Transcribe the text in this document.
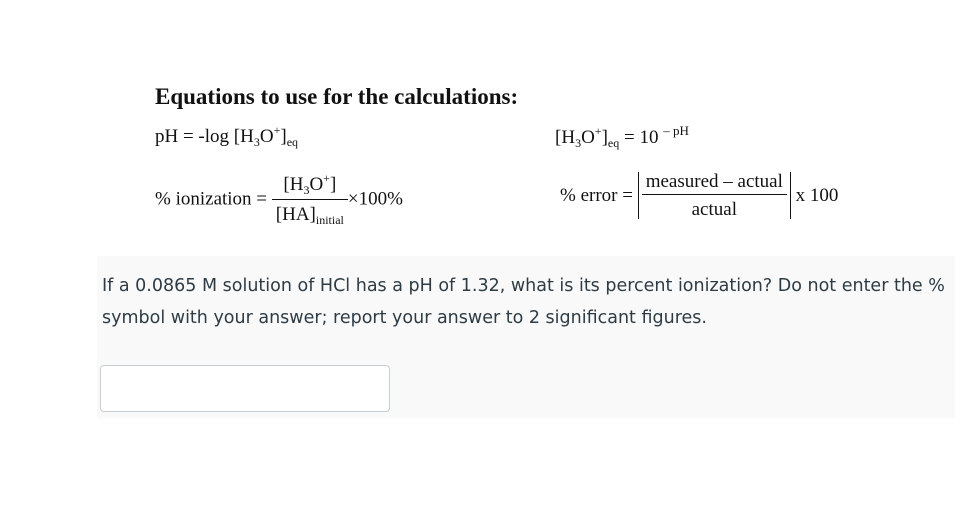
Equations to use for the calculations:
pH = -log $[H_3O^+]_{eq}$	$[H_3O^+]_{eq} = 10$ $^{- pH}$
% ionization = $\frac{[H_3O^+]}{[HA]_{initial}} \times 100\%$	% error = $\frac{\text{measured – actual}}{\text{actual}}$ x 100

If a 0.0865 M solution of HCl has a pH of 1.32, what is its percent ionization? Do not enter the % symbol with your answer; report your answer to 2 significant figures.
